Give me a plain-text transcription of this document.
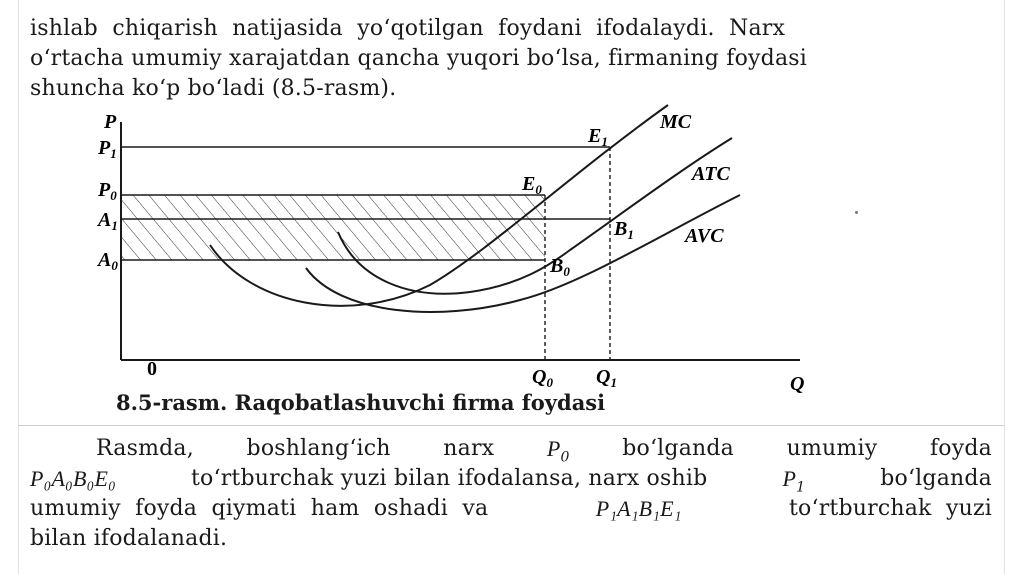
ishlab  chiqarish  natijasida  yo‘qotilgan  foydani  ifodalaydi.  Narx
o‘rtacha umumiy xarajatdan qancha yuqori bo‘lsa, firmaning foydasi
shuncha ko‘p bo‘ladi (8.5-rasm).
P
$P_1$
$P_0$
$A_1$
$A_0$
0	$Q_0$ $Q_1$	Q
$E_1$
$E_0$
$B_1$
$B_0$
MC
ATC
AVC
8.5-rasm. Raqobatlashuvchi firma foydasi
Rasmda, boshlang‘ich narx $P_0$ bo‘lganda umumiy foyda
P₀A₀B₀E₀	to‘rtburchak yuzi bilan ifodalansa, narx oshib	$P_1$	bo‘lganda
umumiy  foyda  qiymati  ham  oshadi  va	P₁A₁B₁E₁	to‘rtburchak  yuzi
bilan ifodalanadi.
